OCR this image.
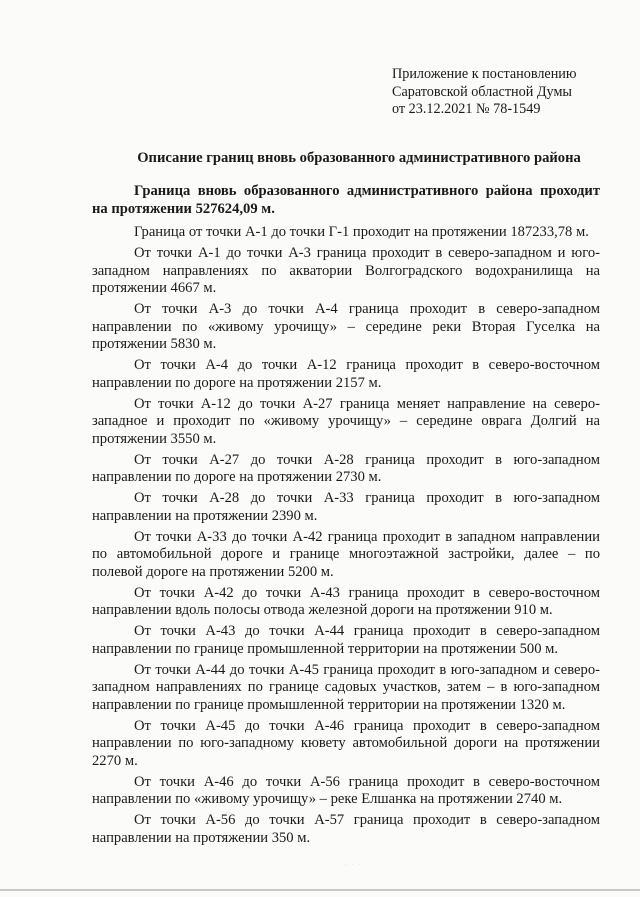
Приложение к постановлению
Саратовской областной Думы
от 23.12.2021 № 78-1549
Описание границ вновь образованного административного района

Граница вновь образованного административного района проходит на протяжении 527624,09 м.

Граница от точки А-1 до точки Г-1 проходит на протяжении 187233,78 м.

От точки А-1 до точки А-3 граница проходит в северо-западном и юго-западном направлениях по акватории Волгоградского водохранилища на протяжении 4667 м.

От точки А-3 до точки А-4 граница проходит в северо-западном направлении по «живому урочищу» – середине реки Вторая Гуселка на протяжении 5830 м.

От точки А-4 до точки А-12 граница проходит в северо-восточном направлении по дороге на протяжении 2157 м.

От точки А-12 до точки А-27 граница меняет направление на северо-западное и проходит по «живому урочищу» – середине оврага Долгий на протяжении 3550 м.

От точки А-27 до точки А-28 граница проходит в юго-западном направлении по дороге на протяжении 2730 м.

От точки А-28 до точки А-33 граница проходит в юго-западном направлении на протяжении 2390 м.

От точки А-33 до точки А-42 граница проходит в западном направлении по автомобильной дороге и границе многоэтажной застройки, далее – по полевой дороге на протяжении 5200 м.

От точки А-42 до точки А-43 граница проходит в северо-восточном направлении вдоль полосы отвода железной дороги на протяжении 910 м.

От точки А-43 до точки А-44 граница проходит в северо-западном направлении по границе промышленной территории на протяжении 500 м.

От точки А-44 до точки А-45 граница проходит в юго-западном и северо-западном направлениях по границе садовых участков, затем – в юго-западном направлении по границе промышленной территории на протяжении 1320 м.

От точки А-45 до точки А-46 граница проходит в северо-западном направлении по юго-западному кювету автомобильной дороги на протяжении 2270 м.

От точки А-46 до точки А-56 граница проходит в северо-восточном направлении по «живому урочищу» – реке Елшанка на протяжении 2740 м.

От точки А-56 до точки А-57 граница проходит в северо-западном направлении на протяжении 350 м.

· · ·
